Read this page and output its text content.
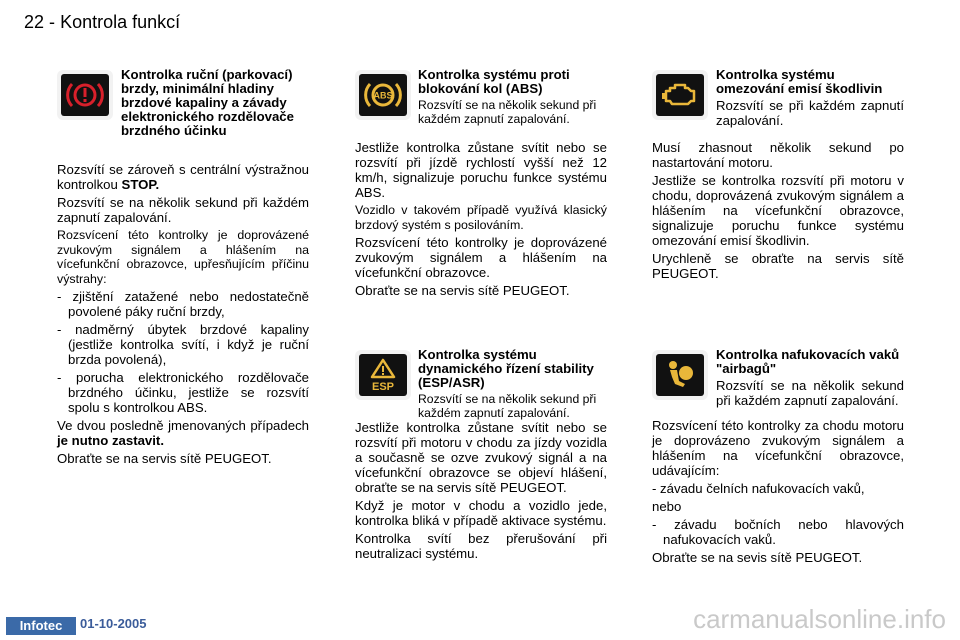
22 - Kontrola funkcí
Kontrolka ruční (parkovací) brzdy, minimální hladiny brzdové kapaliny a závady elektronického rozdělovače brzdného účinku

Rozsvítí se zároveň s centrální výstražnou kontrolkou STOP.

Rozsvítí se na několik sekund při každém zapnutí zapalování.

Rozsvícení této kontrolky je doprovázené zvukovým signálem a hlášením na vícefunkční obrazovce, upřesňujícím příčinu výstrahy:

- zjištění zatažené nebo nedostatečně povolené páky ruční brzdy,

- nadměrný úbytek brzdové kapaliny (jestliže kontrolka svítí, i když je ruční brzda povolená),

- porucha elektronického rozdělovače brzdného účinku, jestliže se rozsvítí spolu s kontrolkou ABS.

Ve dvou posledně jmenovaných případech je nutno zastavit.

Obraťte se na servis sítě PEUGEOT.

ABS
Kontrolka systému proti blokování kol (ABS)
Rozsvítí se na několik sekund při každém zapnutí zapalování.

Jestliže kontrolka zůstane svítit nebo se rozsvítí při jízdě rychlostí vyšší než 12 km/h, signalizuje poruchu funkce systému ABS.

Vozidlo v takovém případě využívá klasický brzdový systém s posilováním.

Rozsvícení této kontrolky je doprovázené zvukovým signálem a hlášením na vícefunkční obrazovce.

Obraťte se na servis sítě PEUGEOT.

ESP
Kontrolka systému dynamického řízení stability (ESP/ASR)
Rozsvítí se na několik sekund při každém zapnutí zapalování.

Jestliže kontrolka zůstane svítit nebo se rozsvítí při motoru v chodu za jízdy vozidla a současně se ozve zvukový signál a na vícefunkční obrazovce se objeví hlášení, obraťte se na servis sítě PEUGEOT.

Když je motor v chodu a vozidlo jede, kontrolka bliká v případě aktivace systému.

Kontrolka svítí bez přerušování při neutralizaci systému.

Kontrolka systému omezování emisí škodlivin
Rozsvítí se při každém zapnutí zapalování.

Musí zhasnout několik sekund po nastartování motoru.

Jestliže se kontrolka rozsvítí při motoru v chodu, doprovázená zvukovým signálem a hlášením na vícefunkční obrazovce, signalizuje poruchu funkce systému omezování emisí škodlivin.

Urychleně se obraťte na servis sítě PEUGEOT.

Kontrolka nafukovacích vaků "airbagů"
Rozsvítí se na několik sekund při každém zapnutí zapalování.

Rozsvícení této kontrolky za chodu motoru je doprovázeno zvukovým signálem a hlášením na vícefunkční obrazovce, udávajícím:

- závadu čelních nafukovacích vaků,

nebo

- závadu bočních nebo hlavových nafukovacích vaků.

Obraťte se na sevis sítě PEUGEOT.

Infotec	01-10-2005	carmanualsonline.info
